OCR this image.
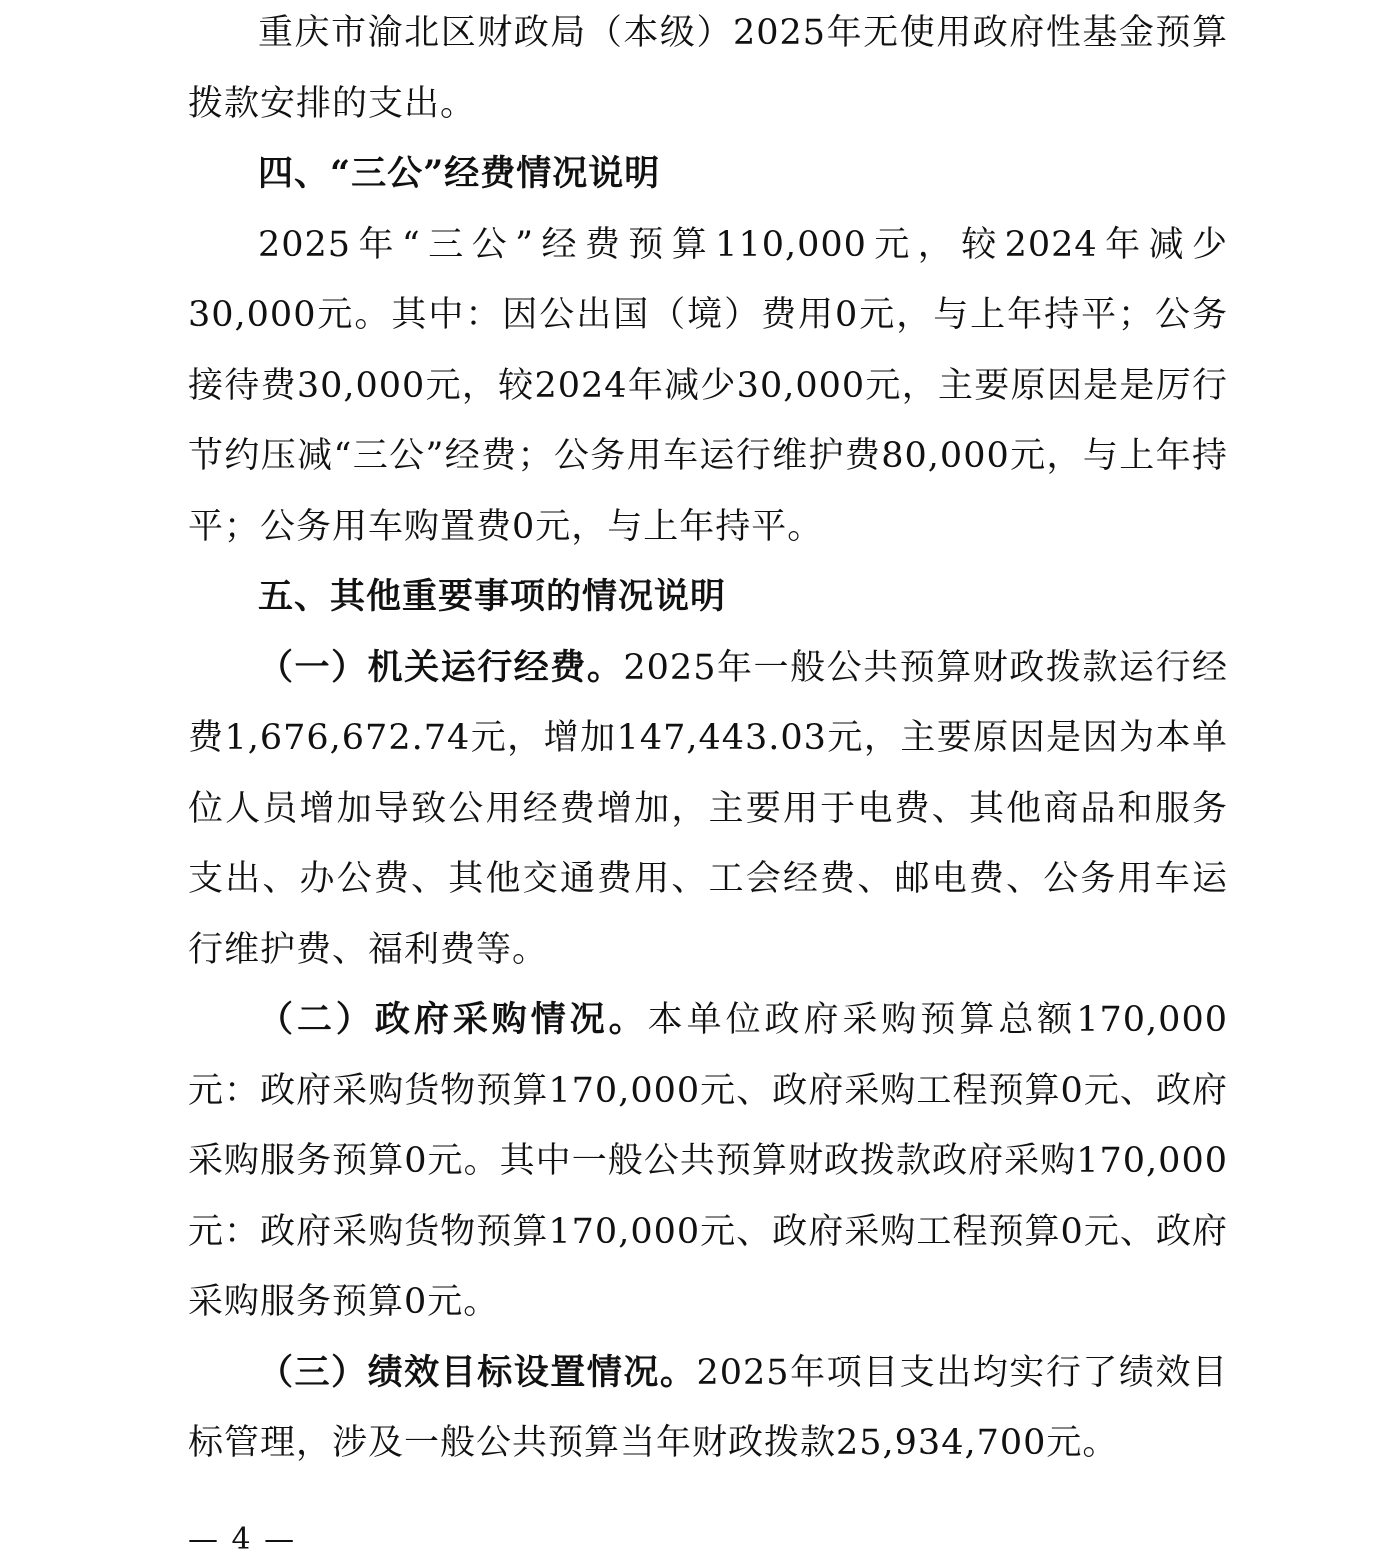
重庆市渝北区财政局（本级）2025年无使用政府性基金预算拨款安排的支出。

四、“三公”经费情况说明

2025年“三公”经费预算110,000元，较2024年减少30,000元。其中：因公出国（境）费用0元，与上年持平；公务接待费30,000元，较2024年减少30,000元，主要原因是是厉行节约压减“三公”经费；公务用车运行维护费80,000元，与上年持平；公务用车购置费0元，与上年持平。

五、其他重要事项的情况说明

（一）机关运行经费。2025年一般公共预算财政拨款运行经费1,676,672.74元，增加147,443.03元，主要原因是因为本单位人员增加导致公用经费增加，主要用于电费、其他商品和服务支出、办公费、其他交通费用、工会经费、邮电费、公务用车运行维护费、福利费等。

（二）政府采购情况。本单位政府采购预算总额170,000元：政府采购货物预算170,000元、政府采购工程预算0元、政府采购服务预算0元。其中一般公共预算财政拨款政府采购170,000元：政府采购货物预算170,000元、政府采购工程预算0元、政府采购服务预算0元。

（三）绩效目标设置情况。2025年项目支出均实行了绩效目标管理，涉及一般公共预算当年财政拨款25,934,700元。

— 4 —
